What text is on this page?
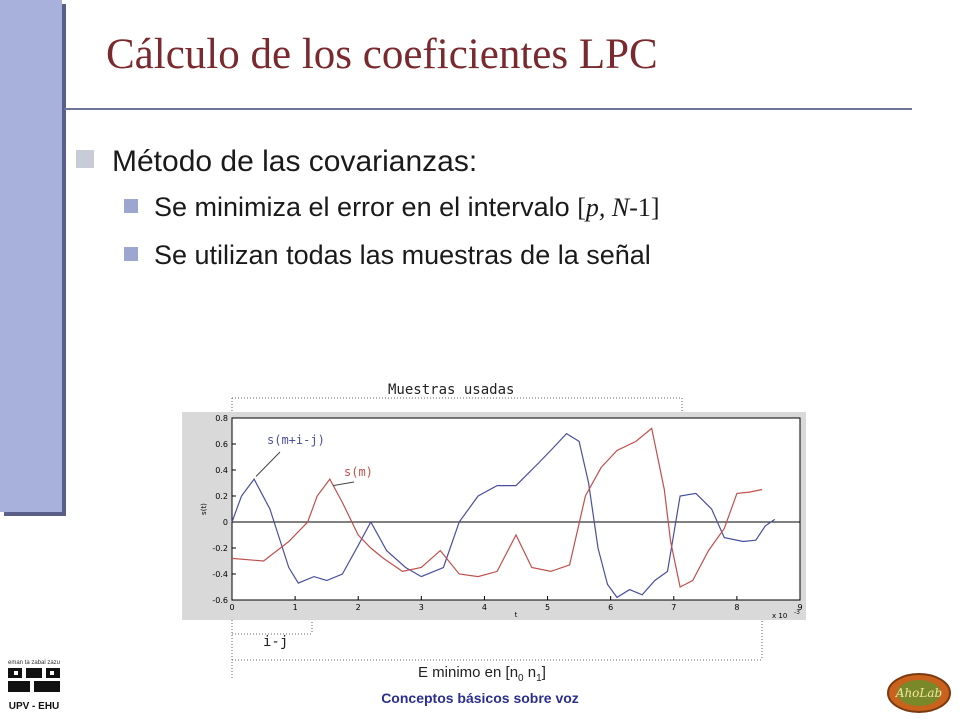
Cálculo de los coeficientes LPC
Método de las covarianzas:
Se minimiza el error en el intervalo [p, N-1]
Se utilizan todas las muestras de la señal
Muestras usadas
i-j
E minimo en [$n_0$ $n_1$]
0	1	2	3	4	5	6	7	8	9
0.8
0.6
0.4
0.2
0
-0.2
-0.4
-0.6
t
s(t)
x 10 -3
s(m+i-j)
s(m)
eman ta zabal zazu
UPV - EHU
Conceptos básicos sobre voz	AhoLab
